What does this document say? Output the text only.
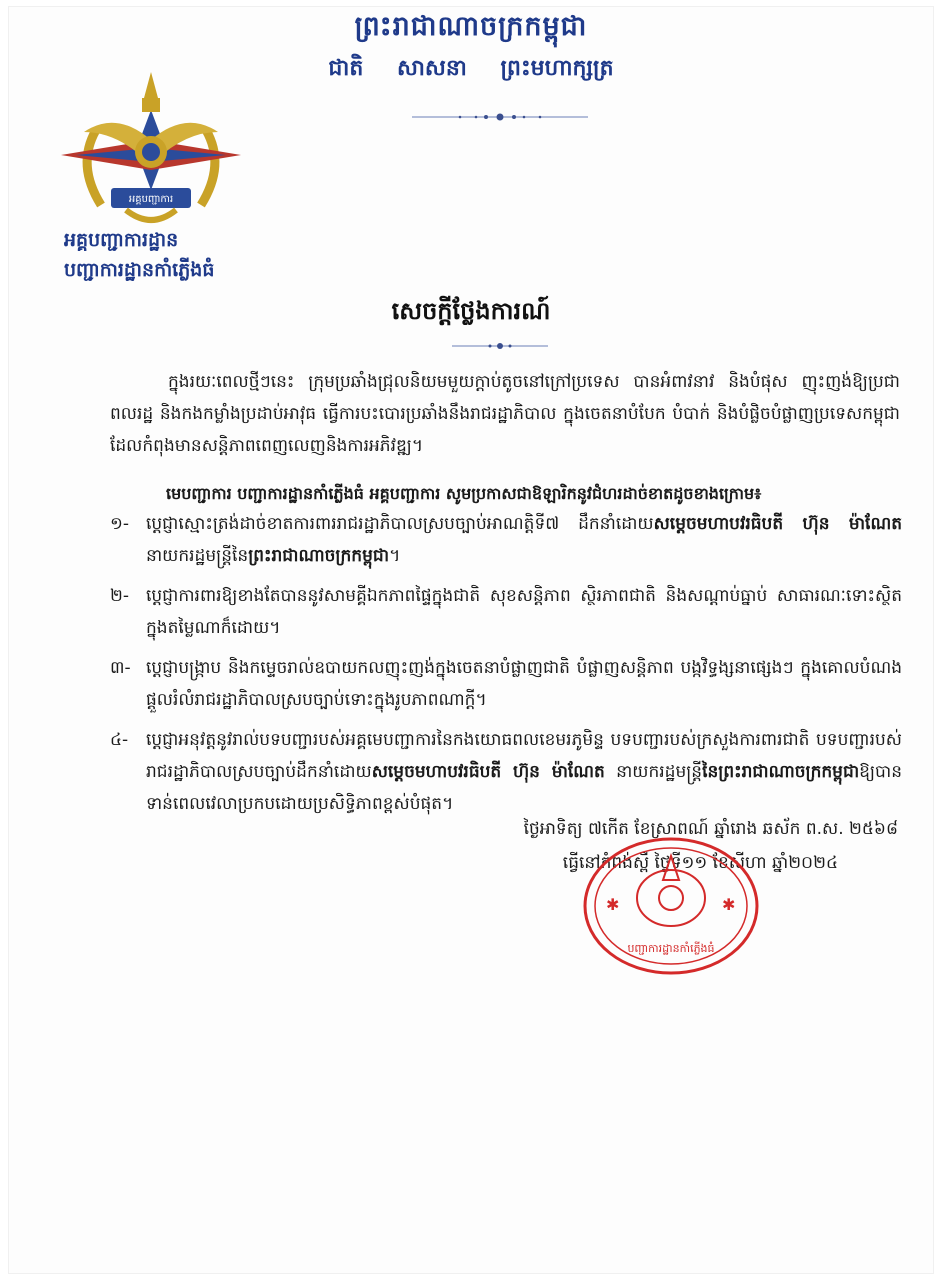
ព្រះរាជាណាចក្រកម្ពុជា
ជាតិ សាសនា ព្រះមហាក្សត្រ
អគ្គបញ្ជាការ
អគ្គបញ្ជាការដ្ឋាន
បញ្ជាការដ្ឋានកាំភ្លើងធំ
សេចក្តីថ្លែងការណ៍
ក្នុងរយៈពេលថ្មីៗនេះ ក្រុមប្រឆាំងជ្រុលនិយមមួយក្តាប់តូចនៅក្រៅប្រទេស បានអំពាវនាវ និងបំផុស ញុះញង់ឱ្យប្រជាពលរដ្ឋ និងកងកម្លាំងប្រដាប់អាវុធ ធ្វើការបះបោរប្រឆាំងនឹងរាជរដ្ឋាភិបាល ក្នុងចេតនាបំបែក បំបាក់ និងបំផ្លិចបំផ្លាញប្រទេសកម្ពុជា ដែលកំពុងមានសន្តិភាពពេញលេញនិងការអភិវឌ្ឍ។
មេបញ្ជាការ បញ្ជាការដ្ឋានកាំភ្លើងធំ អគ្គបញ្ជាការ សូមប្រកាសជាឱឡារិកនូវជំហរដាច់ខាតដូចខាងក្រោម៖
១- ប្តេជ្ញាស្មោះត្រង់ដាច់ខាតការពាររាជរដ្ឋាភិបាលស្របច្បាប់អាណត្តិទី៧ ដឹកនាំដោយសម្តេចមហាបវរធិបតី ហ៊ុន ម៉ាណែត នាយករដ្ឋមន្ត្រីនៃព្រះរាជាណាចក្រកម្ពុជា។
២- ប្តេជ្ញាការពារឱ្យខាងតែបាននូវសាមគ្គីឯកភាពផ្ទៃក្នុងជាតិ សុខសន្តិភាព ស្ថិរភាពជាតិ និងសណ្តាប់ធ្នាប់ សាធារណៈទោះស្ថិតក្នុងតម្លៃណាក៏ដោយ។
៣- ប្តេជ្ញាបង្ក្រាប និងកម្ទេចរាល់ឧបាយកលញុះញង់ក្នុងចេតនាបំផ្លាញជាតិ បំផ្លាញសន្តិភាព បង្កវិទ្ធង្សនាផ្សេងៗ ក្នុងគោលបំណងផ្តួលរំលំរាជរដ្ឋាភិបាលស្របច្បាប់ទោះក្នុងរូបភាពណាក្តី។
៤-	ប្តេជ្ញាអនុវត្តនូវរាល់បទបញ្ជារបស់អគ្គមេបញ្ជាការនៃកងយោធពលខេមរភូមិន្ទ បទបញ្ជារបស់ក្រសួងការពារជាតិ បទបញ្ជារបស់រាជរដ្ឋាភិបាលស្របច្បាប់ដឹកនាំដោយសម្តេចមហាបវរធិបតី ហ៊ុន ម៉ាណែត នាយករដ្ឋមន្ត្រីនៃព្រះរាជាណាចក្រកម្ពុជាឱ្យបានទាន់ពេលវេលាប្រកបដោយប្រសិទ្ធិភាពខ្ពស់បំផុត។
ថ្ងៃអាទិត្យ ៧កើត ខែស្រាពណ៍ ឆ្នាំរោង ឆស័ក ព.ស. ២៥៦៨
ធ្វើនៅកំពង់ស្ពឺ ថ្ងៃទី១១ ខែសីហា ឆ្នាំ២០២៤
✱	✱
បញ្ជាការដ្ឋានកាំភ្លើងធំ
